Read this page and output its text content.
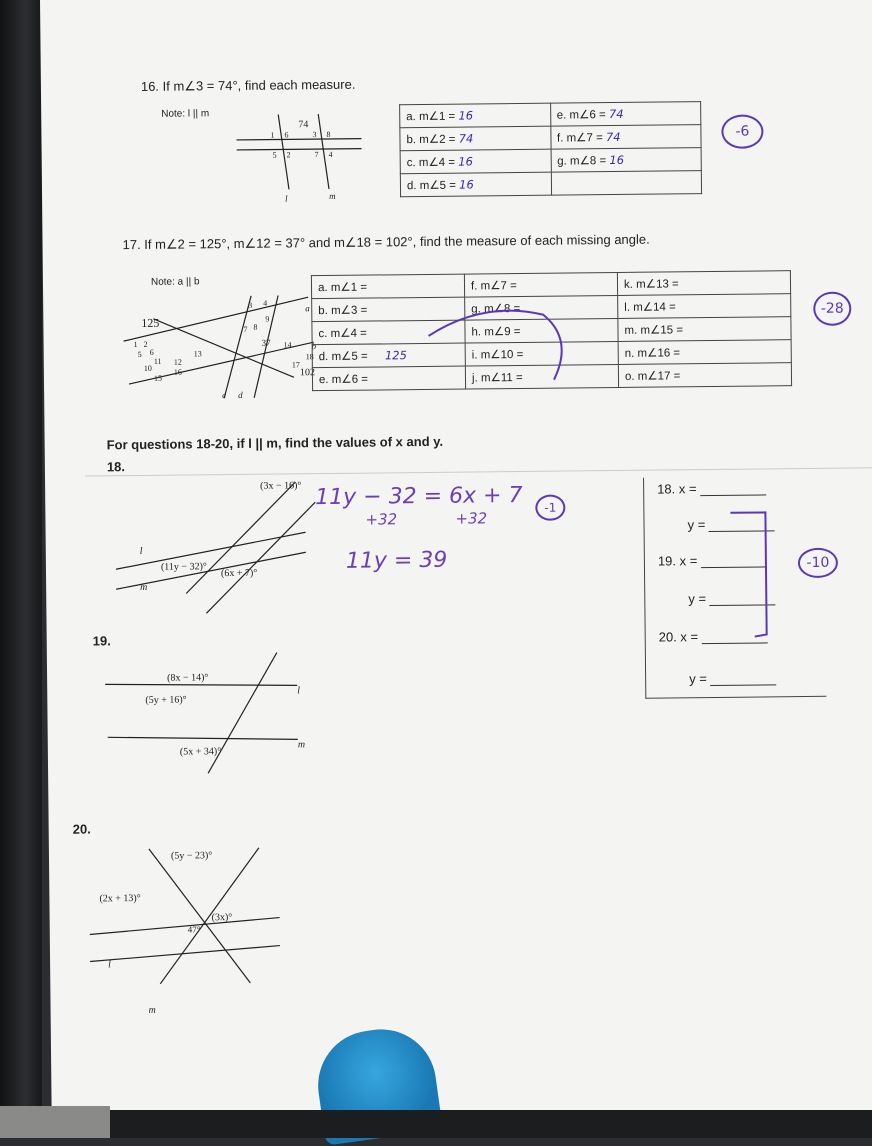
16. If m∠3 = 74°, find each measure.
Note: l || m
1 6	3 8
5 2	7 4
74
l	m
a. m∠1 = 16	e. m∠6 = 74
b. m∠2 = 74	f. m∠7 = 74
c. m∠4 = 16	g. m∠8 = 16
d. m∠5 = 16	
-6
17. If m∠2 = 125°, m∠12 = 37° and m∠18 = 102°, find the measure of each missing angle.
Note: a || b
1 2
3 4
5 6
7 8
9
10
11 12
13
14
15
16
17
18
a
b
c d
125
37
102
a. m∠1 =	f. m∠7 =	k. m∠13 =
b. m∠3 =	g. m∠8 =	l. m∠14 =
c. m∠4 =	h. m∠9 =	m. m∠15 =
d. m∠5 = 125	i. m∠10 =	n. m∠16 =
e. m∠6 =	j. m∠11 =	o. m∠17 =
-28
For questions 18-20, if l || m, find the values of x and y.
18.
(3x − 16)°
(11y − 32)°
(6x + 7)°
l
m
11y − 32 = 6x + 7
+32	+32
11y = 39
-1
18. x =
y =
19. x =
y =
20. x =
y =
-10
19.
(8x − 14)°
(5y + 16)°
(5x + 34)°
l
m
20.
(5y − 23)°
(2x + 13)°
47°
(3x)°
l
m
